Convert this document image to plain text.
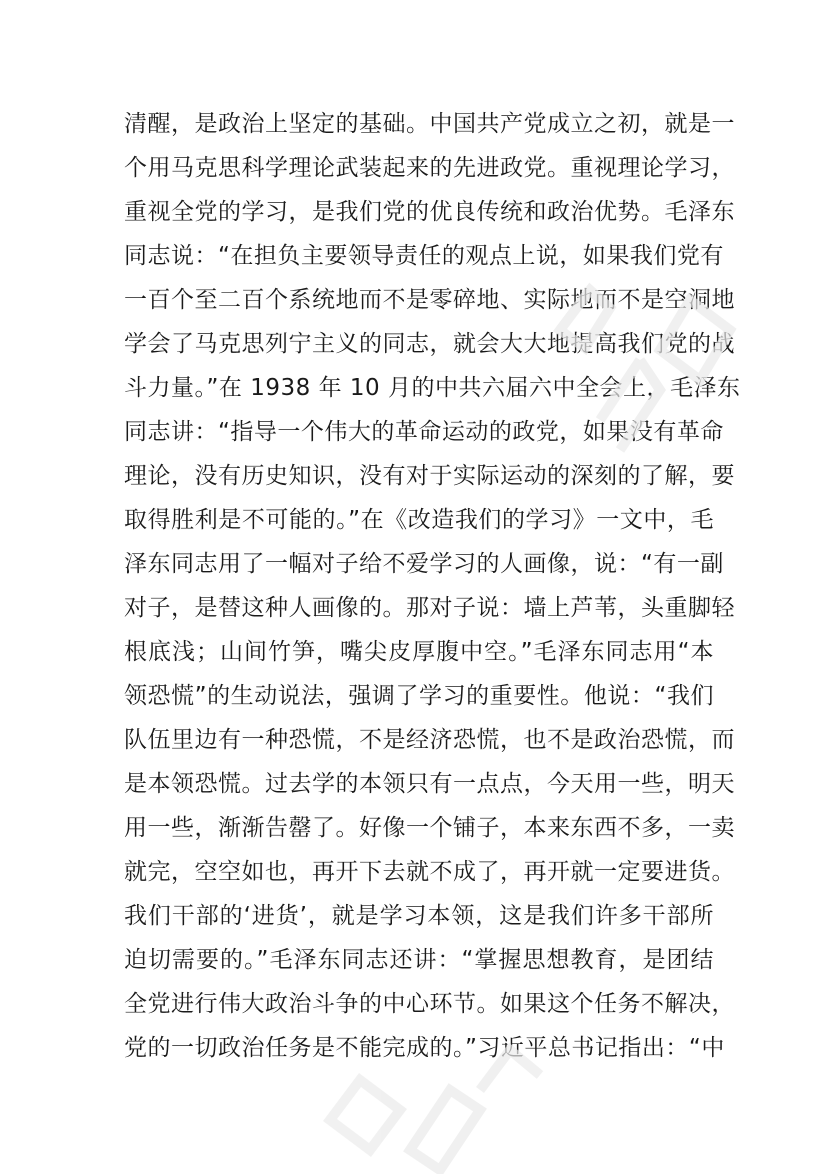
清醒，是政治上坚定的基础。中国共产党成立之初，就是一
个用马克思科学理论武装起来的先进政党。重视理论学习，
重视全党的学习，是我们党的优良传统和政治优势。毛泽东
同志说：“在担负主要领导责任的观点上说，如果我们党有
一百个至二百个系统地而不是零碎地、实际地而不是空洞地
学会了马克思列宁主义的同志，就会大大地提高我们党的战
斗力量。”在 1938 年 10 月的中共六届六中全会上，毛泽东
同志讲：“指导一个伟大的革命运动的政党，如果没有革命
理论，没有历史知识，没有对于实际运动的深刻的了解，要
取得胜利是不可能的。”在《改造我们的学习》一文中，毛
泽东同志用了一幅对子给不爱学习的人画像，说：“有一副
对子，是替这种人画像的。那对子说：墙上芦苇，头重脚轻
根底浅；山间竹笋，嘴尖皮厚腹中空。”毛泽东同志用“本
领恐慌”的生动说法，强调了学习的重要性。他说：“我们
队伍里边有一种恐慌，不是经济恐慌，也不是政治恐慌，而
是本领恐慌。过去学的本领只有一点点，今天用一些，明天
用一些，渐渐告罄了。好像一个铺子，本来东西不多，一卖
就完，空空如也，再开下去就不成了，再开就一定要进货。
我们干部的‘进货’，就是学习本领，这是我们许多干部所
迫切需要的。”毛泽东同志还讲：“掌握思想教育，是团结
全党进行伟大政治斗争的中心环节。如果这个任务不解决，
党的一切政治任务是不能完成的。”习近平总书记指出：“中
